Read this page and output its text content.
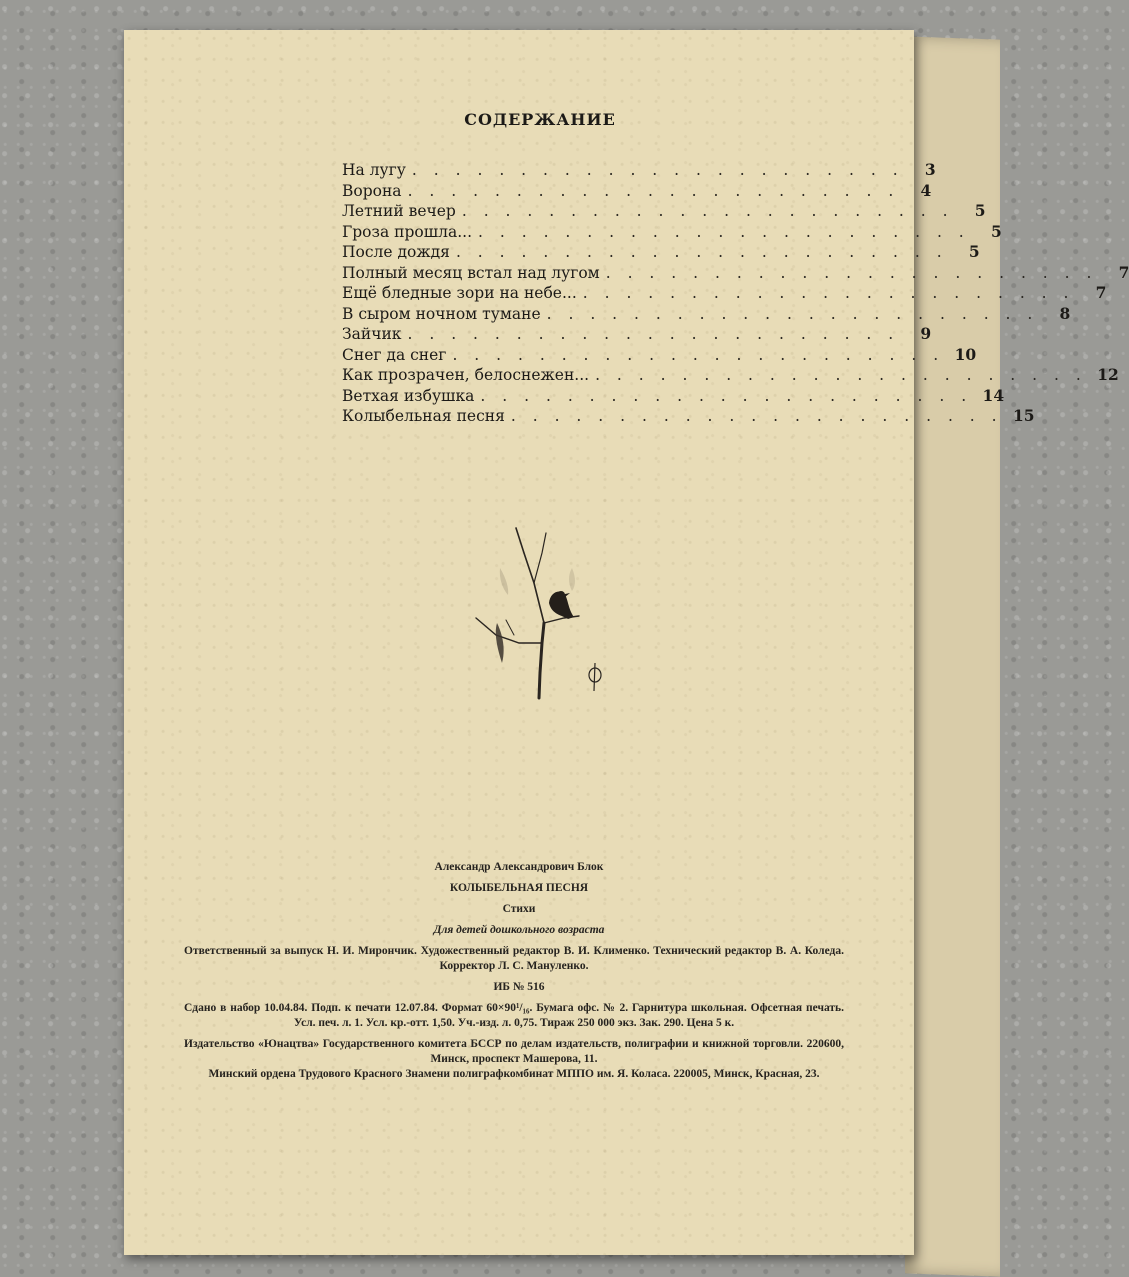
СОДЕРЖАНИЕ
На лугу . . . . . . . . . . . . . . . . . . . . . . .	3
Ворона . . . . . . . . . . . . . . . . . . . . . . .	4
Летний вечер . . . . . . . . . . . . . . . . . . . . . . .	5
Гроза прошла... . . . . . . . . . . . . . . . . . . . . . . .	5
После дождя . . . . . . . . . . . . . . . . . . . . . . .	5
Полный месяц встал над лугом . . . . . . . . . . . . . . . . . . . . . . .	7
Ещё бледные зори на небе... . . . . . . . . . . . . . . . . . . . . . . .	7
В сыром ночном тумане . . . . . . . . . . . . . . . . . . . . . . .	8
Зайчик . . . . . . . . . . . . . . . . . . . . . . .	9
Снег да снег . . . . . . . . . . . . . . . . . . . . . . . 10
Как прозрачен, белоснежен... . . . . . . . . . . . . . . . . . . . . . . . 12
Ветхая избушка . . . . . . . . . . . . . . . . . . . . . . . 14
Колыбельная песня . . . . . . . . . . . . . . . . . . . . . . . 15
Александр Александрович Блок
КОЛЫБЕЛЬНАЯ ПЕСНЯ
Стихи
Для детей дошкольного возраста
Ответственный за выпуск Н. И. Мирончик. Художественный редактор В. И. Клименко. Технический редактор В. А. Коледа. Корректор Л. С. Мануленко.
ИБ № 516
Сдано в набор 10.04.84. Подп. к печати 12.07.84. Формат 60×90¹/₁₆. Бумага офс. № 2. Гарнитура школьная. Офсетная печать. Усл. печ. л. 1. Усл. кр.-отт. 1,50. Уч.-изд. л. 0,75. Тираж 250 000 экз. Зак. 290. Цена 5 к.
Издательство «Юнацтва» Государственного комитета БССР по делам издательств, полиграфии и книжной торговли. 220600, Минск, проспект Машерова, 11.
Минский ордена Трудового Красного Знамени полиграфкомбинат МППО им. Я. Коласа. 220005, Минск, Красная, 23.
